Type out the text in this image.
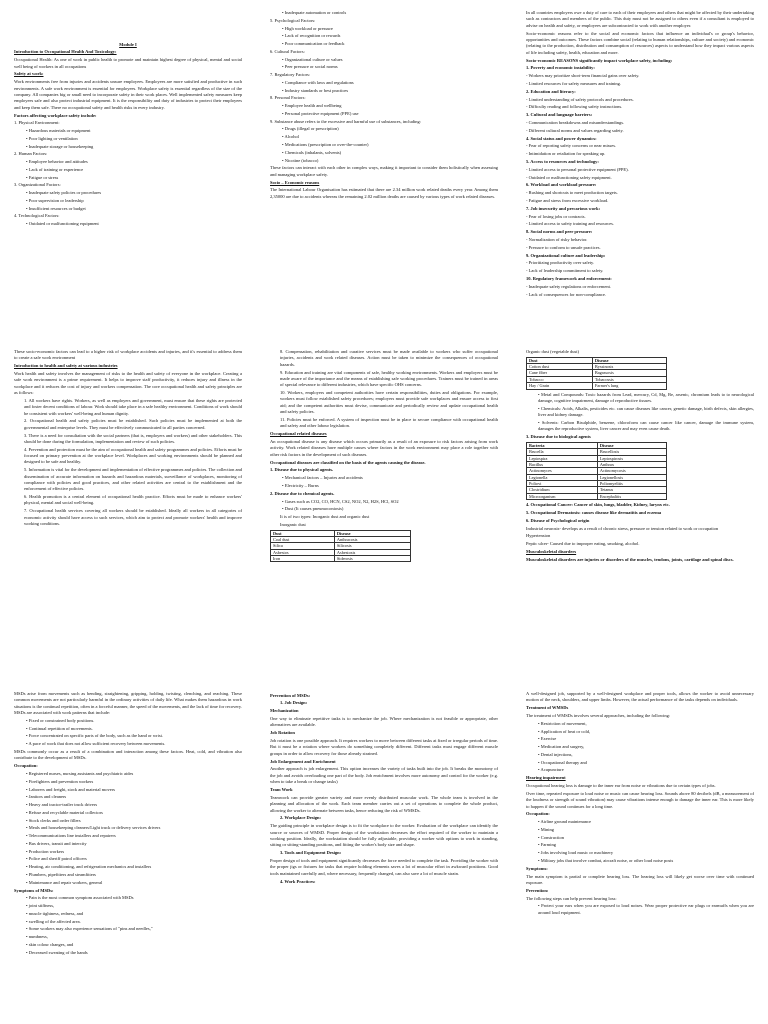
Module I

Introduction to Occupational Health And Toxicology:

Occupational Health: As one of work in public health to promote and maintain highest degree of physical, mental and social well being of workers in all occupations

Safety at work:

Work environments free from injuries and accidents unsure employees. Employees are more satisfied and productive in such environments. A safe work environment is essential for employees. Workplace safety is essential regardless of the size of the company. All companies big or small need to incorporate safety in their work places. Well implemented safety measures keep employees safe and also protect industrial equipment. It is the responsibility and duty of industries to protect their employees and keep them safe. There no occupational safety and health risks in every industry.

Factors affecting workplace safety include:

1. Physical Environment:

• Hazardous materials or equipment

• Poor lighting or ventilation

• Inadequate storage or housekeeping

2. Human Factors:

• Employee behavior and attitudes

• Lack of training or experience

• Fatigue or stress

3. Organizational Factors:

• Inadequate safety policies or procedures

• Poor supervision or leadership

• Insufficient resources or budget

4. Technological Factors:

• Outdated or malfunctioning equipment

• Inadequate automation or controls

5. Psychological Factors:

• High workload or pressure

• Lack of recognition or rewards

• Poor communication or feedback

6. Cultural Factors:

• Organizational culture or values

• Peer pressure or social norms

7. Regulatory Factors:

• Compliance with laws and regulations

• Industry standards or best practices

8. Personal Factors:

• Employee health and wellbeing

• Personal protective equipment (PPE) use

9. Substance abuse refers to the excessive and harmful use of substances, including:

• Drugs (illegal or prescription)

• Alcohol

• Medications (prescription or over-the-counter)

• Chemicals (inhalants, solvents)

• Nicotine (tobacco)

These factors can interact with each other in complex ways, making it important to consider them holistically when assessing and managing workplace safety.

Socio – Economic reasons

The International Labour Organisation has estimated that there are 2.34 million work related deaths every year. Among them 2,35000 are due to accidents whereas the remaining 2.02 million deaths are caused by various types of work related diseases.

In all countries employers owe a duty of care to each of their employees and others that might be affected by their undertaking such as contractors and members of the public. This duty must not be assigned to others even if a consultant is employed to advise on health and safety, or employees are subcontracted to work with another employer.

Socio-economic reasons refer to the social and economic factors that influence an individual's or group's behavior, opportunities and outcomes. These factors combine social (relating to human relationships, culture and society) and economic (relating to the production, distribution and consumption of resources) aspects to understand how they impact various aspects of life including safety, health, education and more.

Socio-economic REASONS significantly impact workplace safety, including:

1. Poverty and economic instability:

- Workers may prioritize short-term financial gains over safety.

- Limited resources for safety measures and training.

2. Education and literacy:

- Limited understanding of safety protocols and procedures.

- Difficulty reading and following safety instructions.

3. Cultural and language barriers:

- Communication breakdowns and misunderstandings.

- Different cultural norms and values regarding safety.

4. Social status and power dynamics:

- Fear of reporting safety concerns or near misses.

- Intimidation or retaliation for speaking up.

5. Access to resources and technology:

- Limited access to personal protective equipment (PPE).

- Outdated or malfunctioning safety equipment.

6. Workload and workload pressure:

- Rushing and shortcuts to meet production targets.

- Fatigue and stress from excessive workload.

7. Job insecurity and precarious work:

- Fear of losing jobs or contracts.

- Limited access to safety training and resources.

8. Social norms and peer pressure:

- Normalization of risky behavior.

- Pressure to conform to unsafe practices.

9. Organizational culture and leadership:

- Prioritizing productivity over safety.

- Lack of leadership commitment to safety.

10. Regulatory framework and enforcement:

- Inadequate safety regulations or enforcement.

- Lack of consequences for non-compliance.

These socio-economic factors can lead to a higher risk of workplace accidents and injuries, and it's essential to address them to create a safe work environment

Introduction to health and safety at various industries

Work health and safety involves the management of risks to the health and safety of everyone in the workplace. Creating a safe work environment is a prime requirement. It helps to improve staff productivity, it reduces injury and illness in the workplace and it reduces the cost of injury and workers compensation. The core occupational health and safety principles are as follows:

1. All workers have rights. Workers, as well as employers and government, must ensure that these rights are protected and foster decent conditions of labour. Work should take place in a safe healthy environment. Conditions of work should be consistent with workers' well-being and human dignity.

2. Occupational health and safety policies must be established. Such policies must be implemented at both the governmental and enterprise levels. They must be effectively communicated to all parties concerned.

3. There is a need for consultation with the social partners (that is, employers and workers) and other stakeholders. This should be done during the formulation, implementation and review of such policies.

4. Prevention and protection must be the aim of occupational health and safety programmes and policies. Efforts must be focused on primary prevention at the workplace level. Workplaces and working environments should be planned and designed to be safe and healthy.

5. Information is vital for the development and implementation of effective programmes and policies. The collection and dissemination of accurate information on hazards and hazardous materials, surveillance of workplaces, monitoring of compliance with policies and good practices, and other related activities are central to the establishment and the enforcement of effective policies.

6. Health promotion is a central element of occupational health practice. Efforts must be made to enhance workers' physical, mental and social well-being.

7. Occupational health services covering all workers should be established. Ideally all workers in all categories of economic activity should have access to such services, which aim to protect and promote workers' health and improve working conditions.

8. Compensation, rehabilitation and curative services must be made available to workers who suffer occupational injuries, accidents and work related diseases. Action must be taken to minimize the consequences of occupational hazards.

9. Education and training are vital components of safe, healthy working environments. Workers and employers must be made aware of the importance and the means of establishing safe working procedures. Trainers must be trained in areas of special relevance to different industries, which have specific OHS concerns.

10. Workers, employers and competent authorities have certain responsibilities, duties and obligations. For example, workers must follow established safety procedures; employers must provide safe workplaces and ensure access to first aid; and the competent authorities must devise, communicate and periodically review and update occupational health and safety policies.

11. Policies must be enforced. A system of inspection must be in place to secure compliance with occupational health and safety and other labour legislation.

Occupational related diseases

An occupational disease is any disease which occurs primarily as a result of an exposure to risk factors arising from work activity. Work related diseases have multiple causes where factors in the work environment may place a role together with other risk factors in the development of such diseases.

Occupational diseases are classified on the basis of the agents causing the disease.

1. Disease due to physical agents.

• Mechanical factors – Injuries and accidents

• Electricity – Burns

2. Disease due to chemical agents.

• Gases such as CO2, CO, HCN, CS2, NO2, N2, H2S, HCl, SO2

• Dust (It causes pneumoconiosis)

It is of two types: Inorganic dust and organic dust

Inorganic dust

Dust	Disease
Coal dust	Anthracosis
Silica	Silicosis
Asbestos	Asbestosis
Iron	Siderosis

Organic dust (vegetable dust)

Dust	Disease
Cotton dust	Byssinosis
Cane fiber	Bagassosis
Tobacco	Tobacossis
Hay / Grain	Farmer's lung

• Metal and Compounds: Toxic hazards from Lead, mercury, Cd, Mg, Be, arsenic, chromium leads to to neurological damage, cognitive impairment, damage of reproductive tissues.

• Chemicals: Acids, Alkalis, pesticides etc. can cause diseases like cancer, genetic damage, birth defects, skin allergies, liver and kidney damage.

• Solvents: Carbon Bisulphide, benzene, chloroform can cause cancer like cancer, damage the immune system, damages the reproductive system, liver cancer and may even cause death.

3. Disease due to biological agents

Bacteria	Disease
Brucella	Brucellosis
Leptospira	Leptospirosis
Bacillus	Anthrax
Actinomyces	Actinomycosis
Legionella	Legionellosis
Poliovi	Poliomyelitis
Clostridium	Tetanus
Microorganism	Encephalitis

4. Occupational Cancer: Cancer of skin, lungs, bladder, Kidney, larynx etc.

5. Occupational Dermatosis: causes disease like dermatitis and eczema

6. Disease of Psychological origin

Industrial neurosis- develops as a result of chronic stress, pressure or tension related to work or occupation

Hypertension

Peptic ulcer- Caused due to improper eating, smoking, alcohol.

Musculoskeletal disorders

Musculoskeletal disorders are injuries or disorders of the muscles, tendons, joints, cartilage and spinal discs.

MSDs arise from movements such as bending, straightening, gripping, holding, twisting, clenching, and reaching. These common movements are not particularly harmful in the ordinary activities of daily life. What makes them hazardous in work situations is the continual repetition, often in a forceful manner, the speed of the movements, and the lack of time for recovery. MSDs are associated with work patterns that include:

• Fixed or constrained body positions.

• Continual repetition of movements.

• Force concentrated on specific parts of the body, such as the hand or wrist.

• A pace of work that does not allow sufficient recovery between movements.

MSDs commonly occur as a result of a combination and interaction among these factors. Heat, cold, and vibration also contribute to the development of MSDs.

Occupation:

• Registered nurses, nursing assistants and psychiatric aides

• Firefighters and prevention workers

• Laborers and freight, stock and material movers

• Janitors and cleaners

• Heavy and tractor-trailer truck drivers

• Refuse and recyclable material collectors

• Stock clerks and order fillers

• Meals and housekeeping cleaners/Light truck or delivery services drivers

• Telecommunications line installers and repairers

• Bus drivers, transit and intercity

• Production workers

• Police and sheriff patrol officers

• Heating, air conditioning, and refrigeration mechanics and installers

• Plumbers, pipefitters and steamfitters

• Maintenance and repair workers, general

Symptoms of MSDs:

• Pain is the most common symptom associated with MSDs

• joint stiffness,

• muscle tightness, redness, and

• swelling of the affected area.

• Some workers may also experience sensations of "pins and needles,"

• numbness,

• skin colour changes, and

• Decreased sweating of the hands

Prevention of MSDs:

1. Job Design:

Mechanization

One way to eliminate repetitive tasks is to mechanize the job. Where mechanization is not feasible or appropriate, other alternatives are available.

Job Rotation

Job rotation is one possible approach. It requires workers to move between different tasks at fixed or irregular periods of time. But it must be a rotation where workers do something completely different. Different tasks must engage different muscle groups in order to allow recovery for those already strained.

Job Enlargement and Enrichment

Another approach is job enlargement. This option increases the variety of tasks built into the job. It breaks the monotony of the job and avoids overloading one part of the body. Job enrichment involves more autonomy and control for the worker (e.g. when to take a break or change tasks)

Team Work

Teamwork can provide greater variety and more evenly distributed muscular work. The whole team is involved in the planning and allocation of the work. Each team member carries out a set of operations to complete the whole product, allowing the worker to alternate between tasks, hence reducing the risk of WMSDs.

2. Workplace Design:

The guiding principle in workplace design is to fit the workplace to the worker. Evaluation of the workplace can identify the source or sources of WMSD. Proper design of the workstation decreases the effort required of the worker to maintain a working position. Ideally, the workstation should be fully adjustable, providing a worker with options to work in standing, sitting or sitting-standing positions, and fitting the worker's body size and shape.

3. Tools and Equipment Design:

Proper design of tools and equipment significantly decreases the force needed to complete the task. Providing the worker with the proper jigs or fixtures for tasks that require holding elements saves a lot of muscular effort in awkward positions. Good tools maintained carefully and, where necessary, frequently changed, can also save a lot of muscle strain.

4. Work Practices:

A well-designed job, supported by a well-designed workplace and proper tools, allows the worker to avoid unnecessary motion of the neck, shoulders, and upper limbs. However, the actual performance of the tasks depends on individuals.

Treatment of WMSDs

The treatment of WMSDs involves several approaches, including the following:

• Restriction of movement,

• Application of heat or cold,

• Exercise

• Medication and surgery,

• Dental injections,

• Occupational therapy and

• Acupuncture

Hearing impairment

Occupational hearing loss is damage to the inner ear from noise or vibrations due to certain types of jobs.

Over time, repeated exposure to loud noise or music can cause hearing loss. Sounds above 80 decibels (dB, a measurement of the loudness or strength of sound vibration) may cause vibrations intense enough to damage the inner ear. This is more likely to happen if the sound continues for a long time.

Occupation:

• Airline ground maintenance

• Mining

• Construction

• Farming

• Jobs involving loud music or machinery

• Military jobs that involve combat, aircraft noise, or other loud noise posts

Symptoms:

The main symptom is partial or complete hearing loss. The hearing loss will likely get worse over time with continued exposure.

Prevention:

The following steps can help prevent hearing loss:

• Protect your ears when you are exposed to loud noises. Wear proper protective ear plugs or earmuffs when you are around loud equipment.
